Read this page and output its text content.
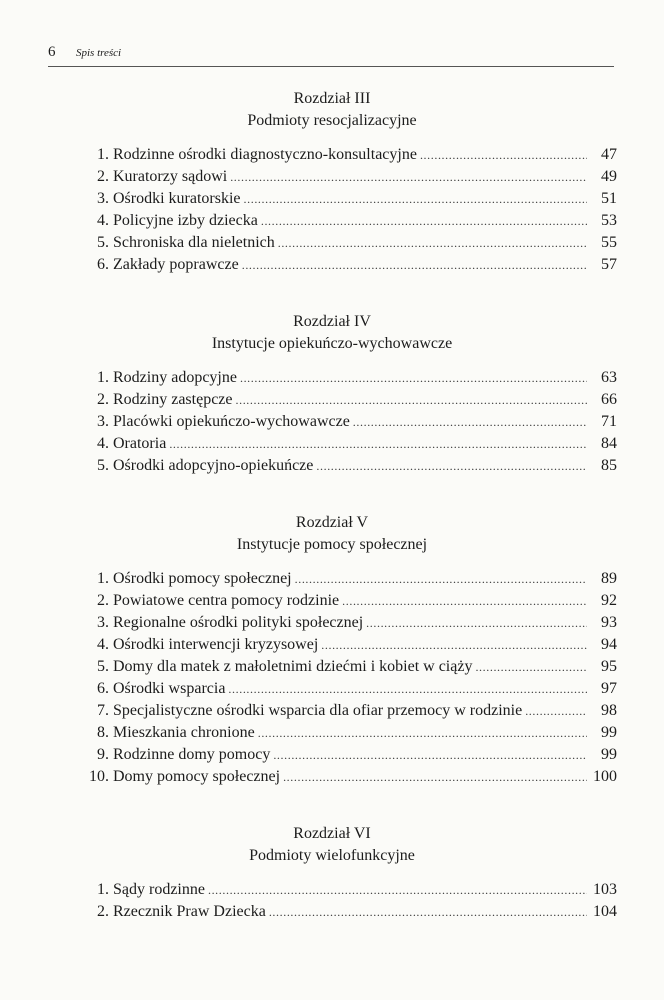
6 Spis treści
Rozdział III
Podmioty resocjalizacyjne
1. Rodzinne ośrodki diagnostyczno-konsultacyjne . . .	47
2. Kuratorzy sądowi . . .	49
3. Ośrodki kuratorskie . . .	51
4. Policyjne izby dziecka . . .	53
5. Schroniska dla nieletnich . . .	55
6. Zakłady poprawcze . . .	57
Rozdział IV
Instytucje opiekuńczo-wychowawcze
1. Rodziny adopcyjne . . .	63
2. Rodziny zastępcze . . .	66
3. Placówki opiekuńczo-wychowawcze . . .	71
4. Oratoria . . .	84
5. Ośrodki adopcyjno-opiekuńcze . . .	85
Rozdział V
Instytucje pomocy społecznej
1. Ośrodki pomocy społecznej . . .	89
2. Powiatowe centra pomocy rodzinie . . .	92
3. Regionalne ośrodki polityki społecznej . . .	93
4. Ośrodki interwencji kryzysowej . . .	94
5. Domy dla matek z małoletnimi dziećmi i kobiet w ciąży . . .	95
6. Ośrodki wsparcia . . .	97
7. Specjalistyczne ośrodki wsparcia dla ofiar przemocy w rodzinie . . .	98
8. Mieszkania chronione . . .	99
9. Rodzinne domy pomocy . . .	99
10. Domy pomocy społecznej . . .	100
Rozdział VI
Podmioty wielofunkcyjne
1. Sądy rodzinne . . .	103
2. Rzecznik Praw Dziecka . . .	104
